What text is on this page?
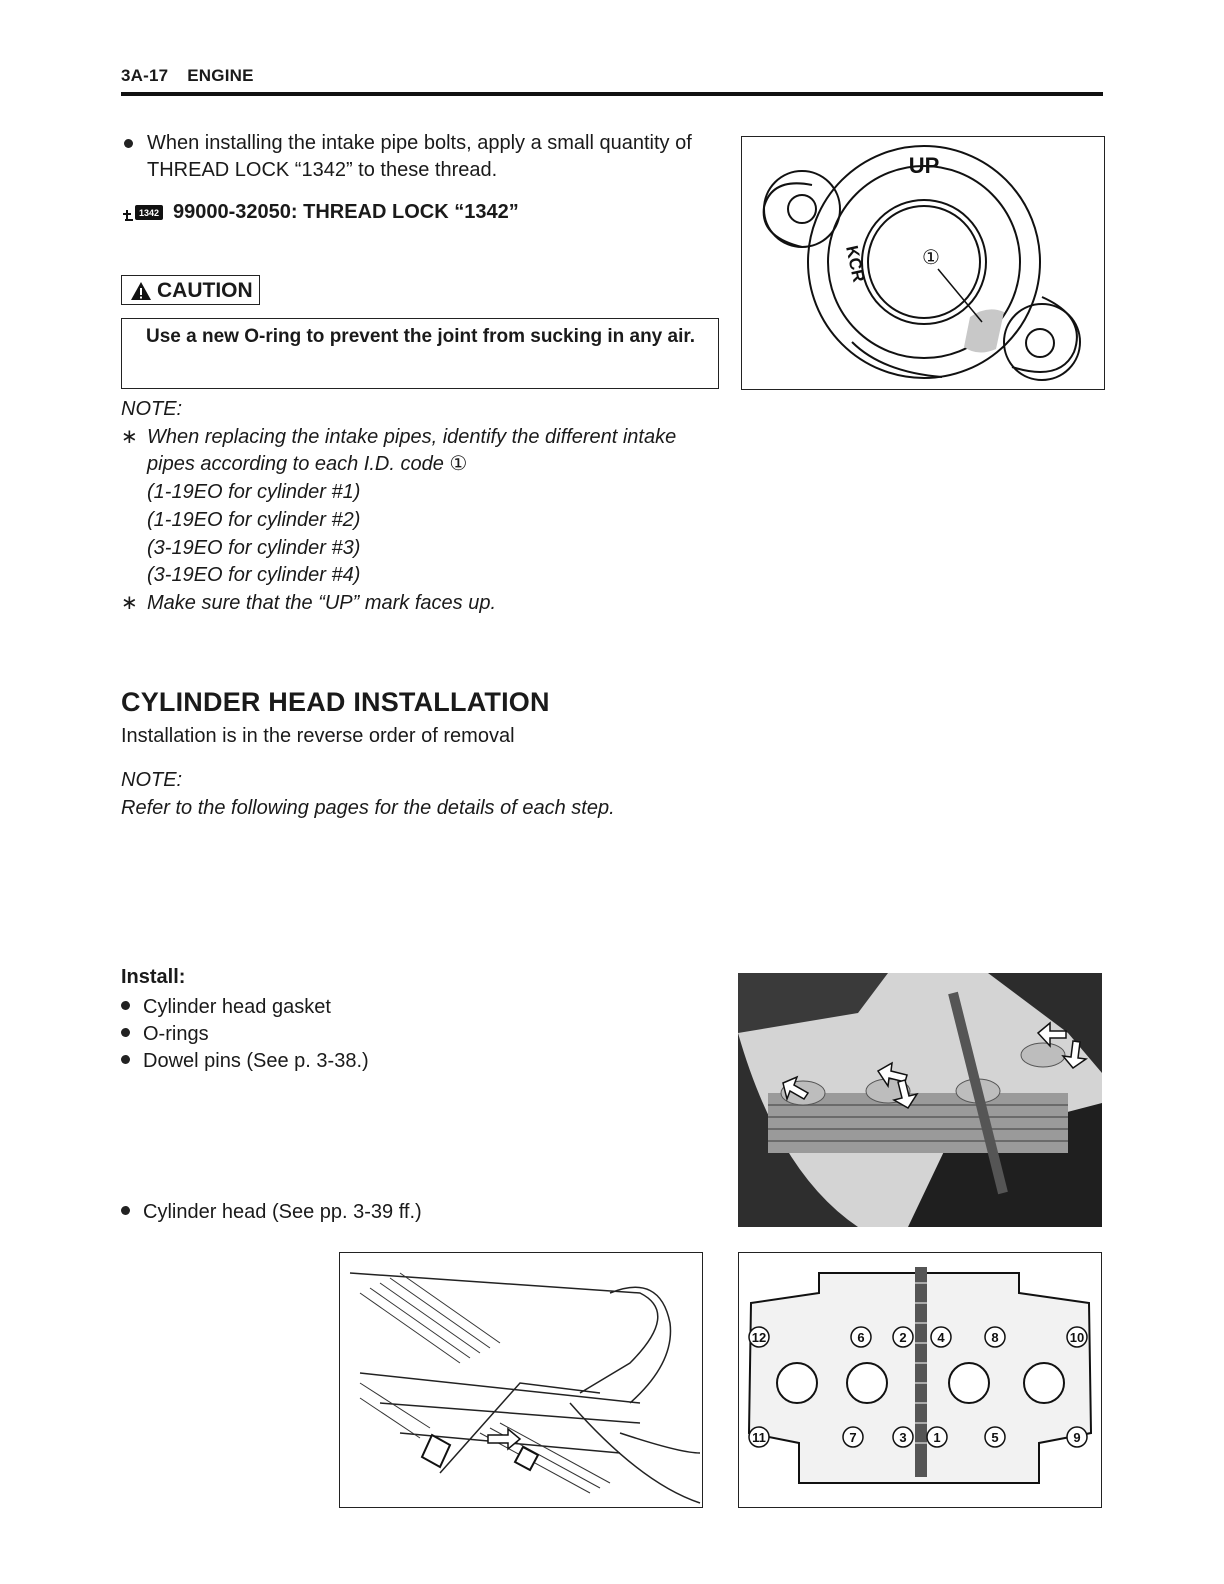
3A-17 ENGINE
When installing the intake pipe bolts, apply a small quantity of THREAD LOCK “1342” to these thread.
1342 99000-32050: THREAD LOCK “1342”
CAUTION
Use a new O-ring to prevent the joint from sucking in any air.
NOTE:
∗ When replacing the intake pipes, identify the different intake
pipes according to each I.D. code ①
(1-19EO for cylinder #1)
(1-19EO for cylinder #2)
(3-19EO for cylinder #3)
(3-19EO for cylinder #4)
∗ Make sure that the “UP” mark faces up.
UP
KCR	①
CYLINDER HEAD INSTALLATION
Installation is in the reverse order of removal
NOTE:
Refer to the following pages for the details of each step.
Install:
Cylinder head gasket
O-rings
Dowel pins (See p. 3-38.)
Cylinder head (See pp. 3-39 ff.)
12	6	2 4	8	10
11	7	3 1	5	9
